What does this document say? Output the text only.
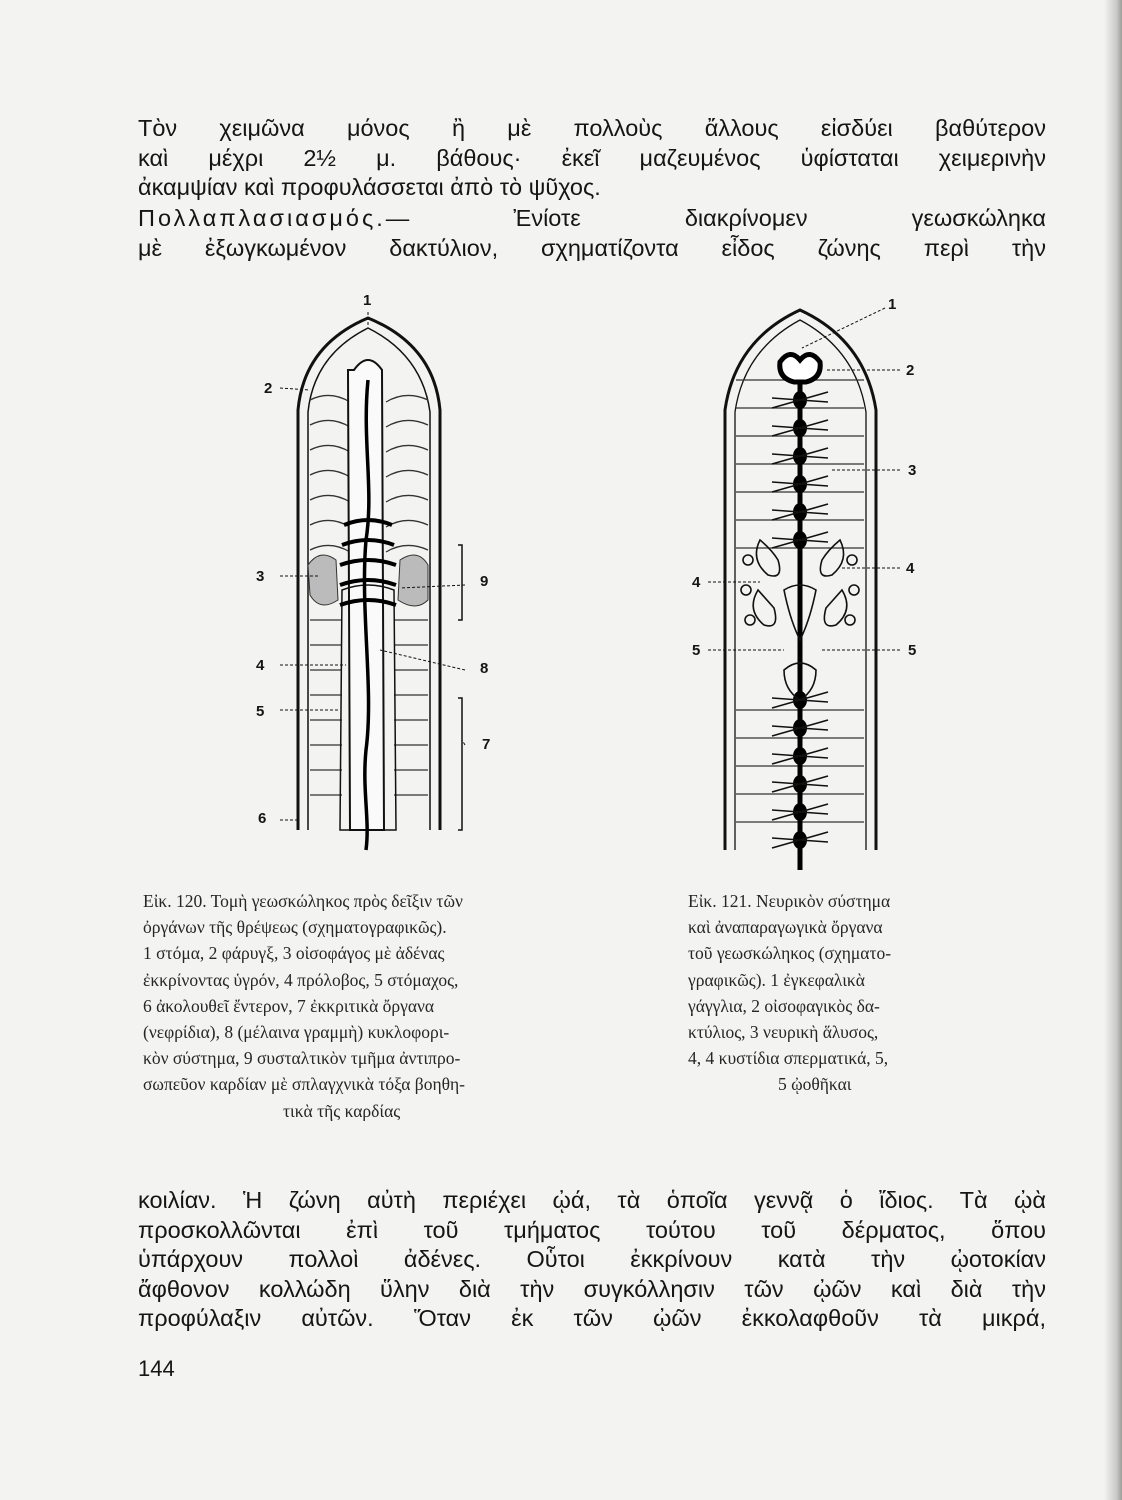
Τὸν χειμῶνα μόνος ἢ μὲ πολλοὺς ἄλλους εἰσδύει βαθύτερον
καὶ μέχρι 2½ μ. βάθους· ἐκεῖ μαζευμένος ὑφίσταται χειμερινὴν
ἀκαμψίαν καὶ προφυλάσσεται ἀπὸ τὸ ψῦχος.
Πολλαπλασιασμός.— Ἐνίοτε διακρίνομεν γεωσκώληκα
μὲ ἐξωγκωμένον δακτύλιον, σχηματίζοντα εἶδος ζώνης περὶ τὴν
1
2
3	9
4	8
5
7
6
1
2
3
4
4
5	5
Εἰκ. 120. Τομὴ γεωσκώληκος πρὸς δεῖξιν τῶν
ὀργάνων τῆς θρέψεως (σχηματογραφικῶς).
1 στόμα, 2 φάρυγξ, 3 οἰσοφάγος μὲ ἀδένας
ἐκκρίνοντας ὑγρόν, 4 πρόλοβος, 5 στόμαχος,
6 ἀκολουθεῖ ἔντερον, 7 ἐκκριτικὰ ὄργανα
(νεφρίδια), 8 (μέλαινα γραμμὴ) κυκλοφορι-
κὸν σύστημα, 9 συσταλτικὸν τμῆμα ἀντιπρο-
σωπεῦον καρδίαν μὲ σπλαγχνικὰ τόξα βοηθη-
τικὰ τῆς καρδίας
Εἰκ. 121. Νευρικὸν σύστημα
καὶ ἀναπαραγωγικὰ ὄργανα
τοῦ γεωσκώληκος (σχηματο-
γραφικῶς). 1 ἐγκεφαλικὰ
γάγγλια, 2 οἰσοφαγικὸς δα-
κτύλιος, 3 νευρικὴ ἅλυσος,
4, 4 κυστίδια σπερματικά, 5,
5 ᾠοθῆκαι
κοιλίαν. Ἡ ζώνη αὐτὴ περιέχει ᾠά, τὰ ὁποῖα γεννᾷ ὁ ἴδιος. Τὰ ᾠὰ
προσκολλῶνται ἐπὶ τοῦ τμήματος τούτου τοῦ δέρματος, ὅπου
ὑπάρχουν πολλοὶ ἀδένες. Οὗτοι ἐκκρίνουν κατὰ τὴν ᾠοτοκίαν
ἄφθονον κολλώδη ὕλην διὰ τὴν συγκόλλησιν τῶν ᾠῶν καὶ διὰ τὴν
προφύλαξιν αὐτῶν. Ὅταν ἐκ τῶν ᾠῶν ἐκκολαφθοῦν τὰ μικρά,
144
